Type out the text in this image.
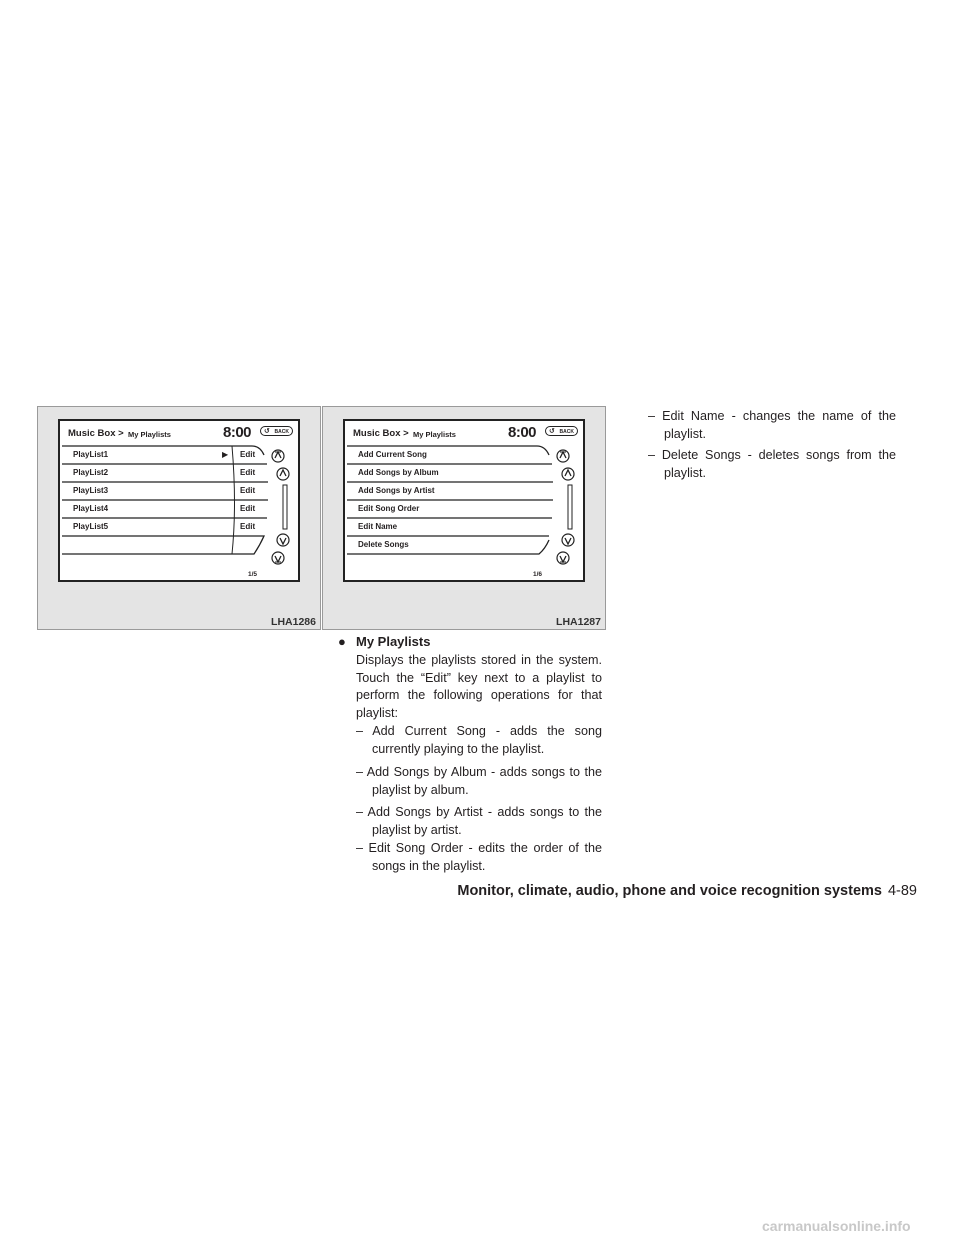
Music Box > My Playlists	8:00 ↺ BACK
PlayList1	▶ Edit
PlayList2	Edit
PlayList3	Edit
PlayList4	Edit
PlayList5	Edit
1/5
LHA1286
Music Box > My Playlists	8:00 ↺ BACK
Add Current Song
Add Songs by Album
Add Songs by Artist
Edit Song Order
Edit Name
Delete Songs
1/6
LHA1287
● My Playlists
Displays the playlists stored in the system. Touch the “Edit” key next to a playlist to perform the following operations for that playlist:
– Add Current Song - adds the song currently playing to the playlist.
– Add Songs by Album - adds songs to the playlist by album.
– Add Songs by Artist - adds songs to the playlist by artist.
– Edit Song Order - edits the order of the songs in the playlist.
– Edit Name - changes the name of the playlist.
– Delete Songs - deletes songs from the playlist.
Monitor, climate, audio, phone and voice recognition systems 4-89
carmanualsonline.info
